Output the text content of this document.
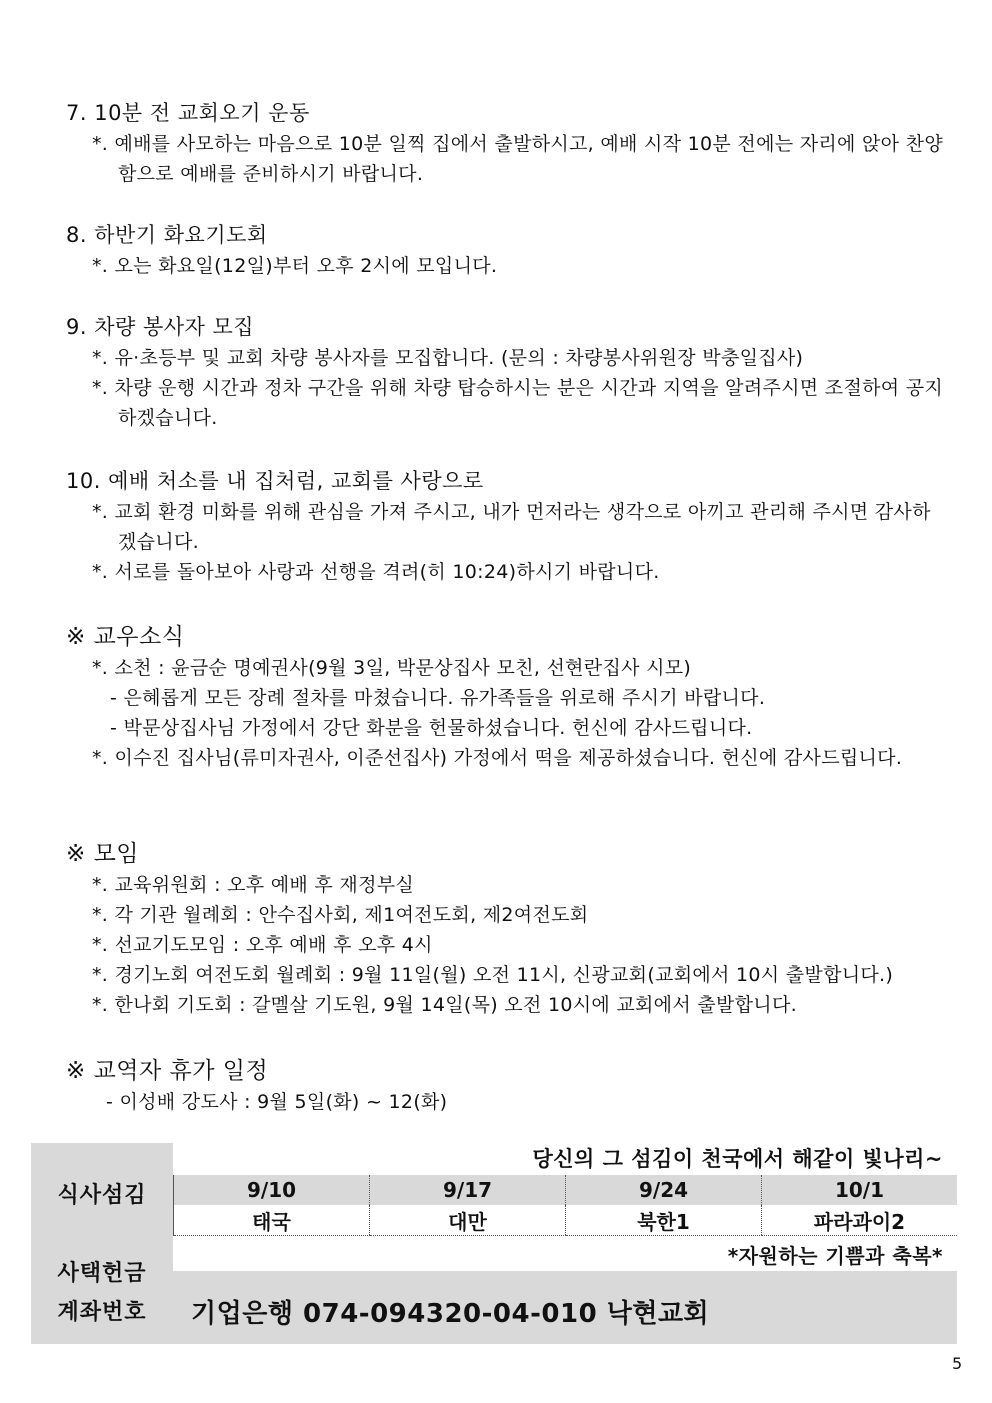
7. 10분 전 교회오기 운동
*. 예배를 사모하는 마음으로 10분 일찍 집에서 출발하시고, 예배 시작 10분 전에는 자리에 앉아 찬양함으로 예배를 준비하시기 바랍니다.
8. 하반기 화요기도회
*. 오는 화요일(12일)부터 오후 2시에 모입니다.
9. 차량 봉사자 모집
*. 유·초등부 및 교회 차량 봉사자를 모집합니다. (문의 : 차량봉사위원장 박충일집사)
*. 차량 운행 시간과 정차 구간을 위해 차량 탑승하시는 분은 시간과 지역을 알려주시면 조절하여 공지하겠습니다.
10. 예배 처소를 내 집처럼, 교회를 사랑으로
*. 교회 환경 미화를 위해 관심을 가져 주시고, 내가 먼저라는 생각으로 아끼고 관리해 주시면 감사하겠습니다.
*. 서로를 돌아보아 사랑과 선행을 격려(히 10:24)하시기 바랍니다.
※ 교우소식
*. 소천 : 윤금순 명예권사(9월 3일, 박문상집사 모친, 선현란집사 시모)
- 은혜롭게 모든 장례 절차를 마쳤습니다. 유가족들을 위로해 주시기 바랍니다.
- 박문상집사님 가정에서 강단 화분을 헌물하셨습니다. 헌신에 감사드립니다.
*. 이수진 집사님(류미자권사, 이준선집사) 가정에서 떡을 제공하셨습니다. 헌신에 감사드립니다.
※ 모임
*. 교육위원회 : 오후 예배 후 재정부실
*. 각 기관 월례회 : 안수집사회, 제1여전도회, 제2여전도회
*. 선교기도모임 : 오후 예배 후 오후 4시
*. 경기노회 여전도회 월례회 : 9월 11일(월) 오전 11시, 신광교회(교회에서 10시 출발합니다.)
*. 한나회 기도회 : 갈멜살 기도원, 9월 14일(목) 오전 10시에 교회에서 출발합니다.
※ 교역자 휴가 일정
- 이성배 강도사 : 9월 5일(화) ~ 12(화)
당신의 그 섬김이 천국에서 해같이 빛나리~
식사섬김	9/10	9/17	9/24	10/1
태국	대만	북한1	파라과이2
*자원하는 기쁨과 축복*
사택헌금
계좌번호	기업은행 074-094320-04-010 낙현교회
5
